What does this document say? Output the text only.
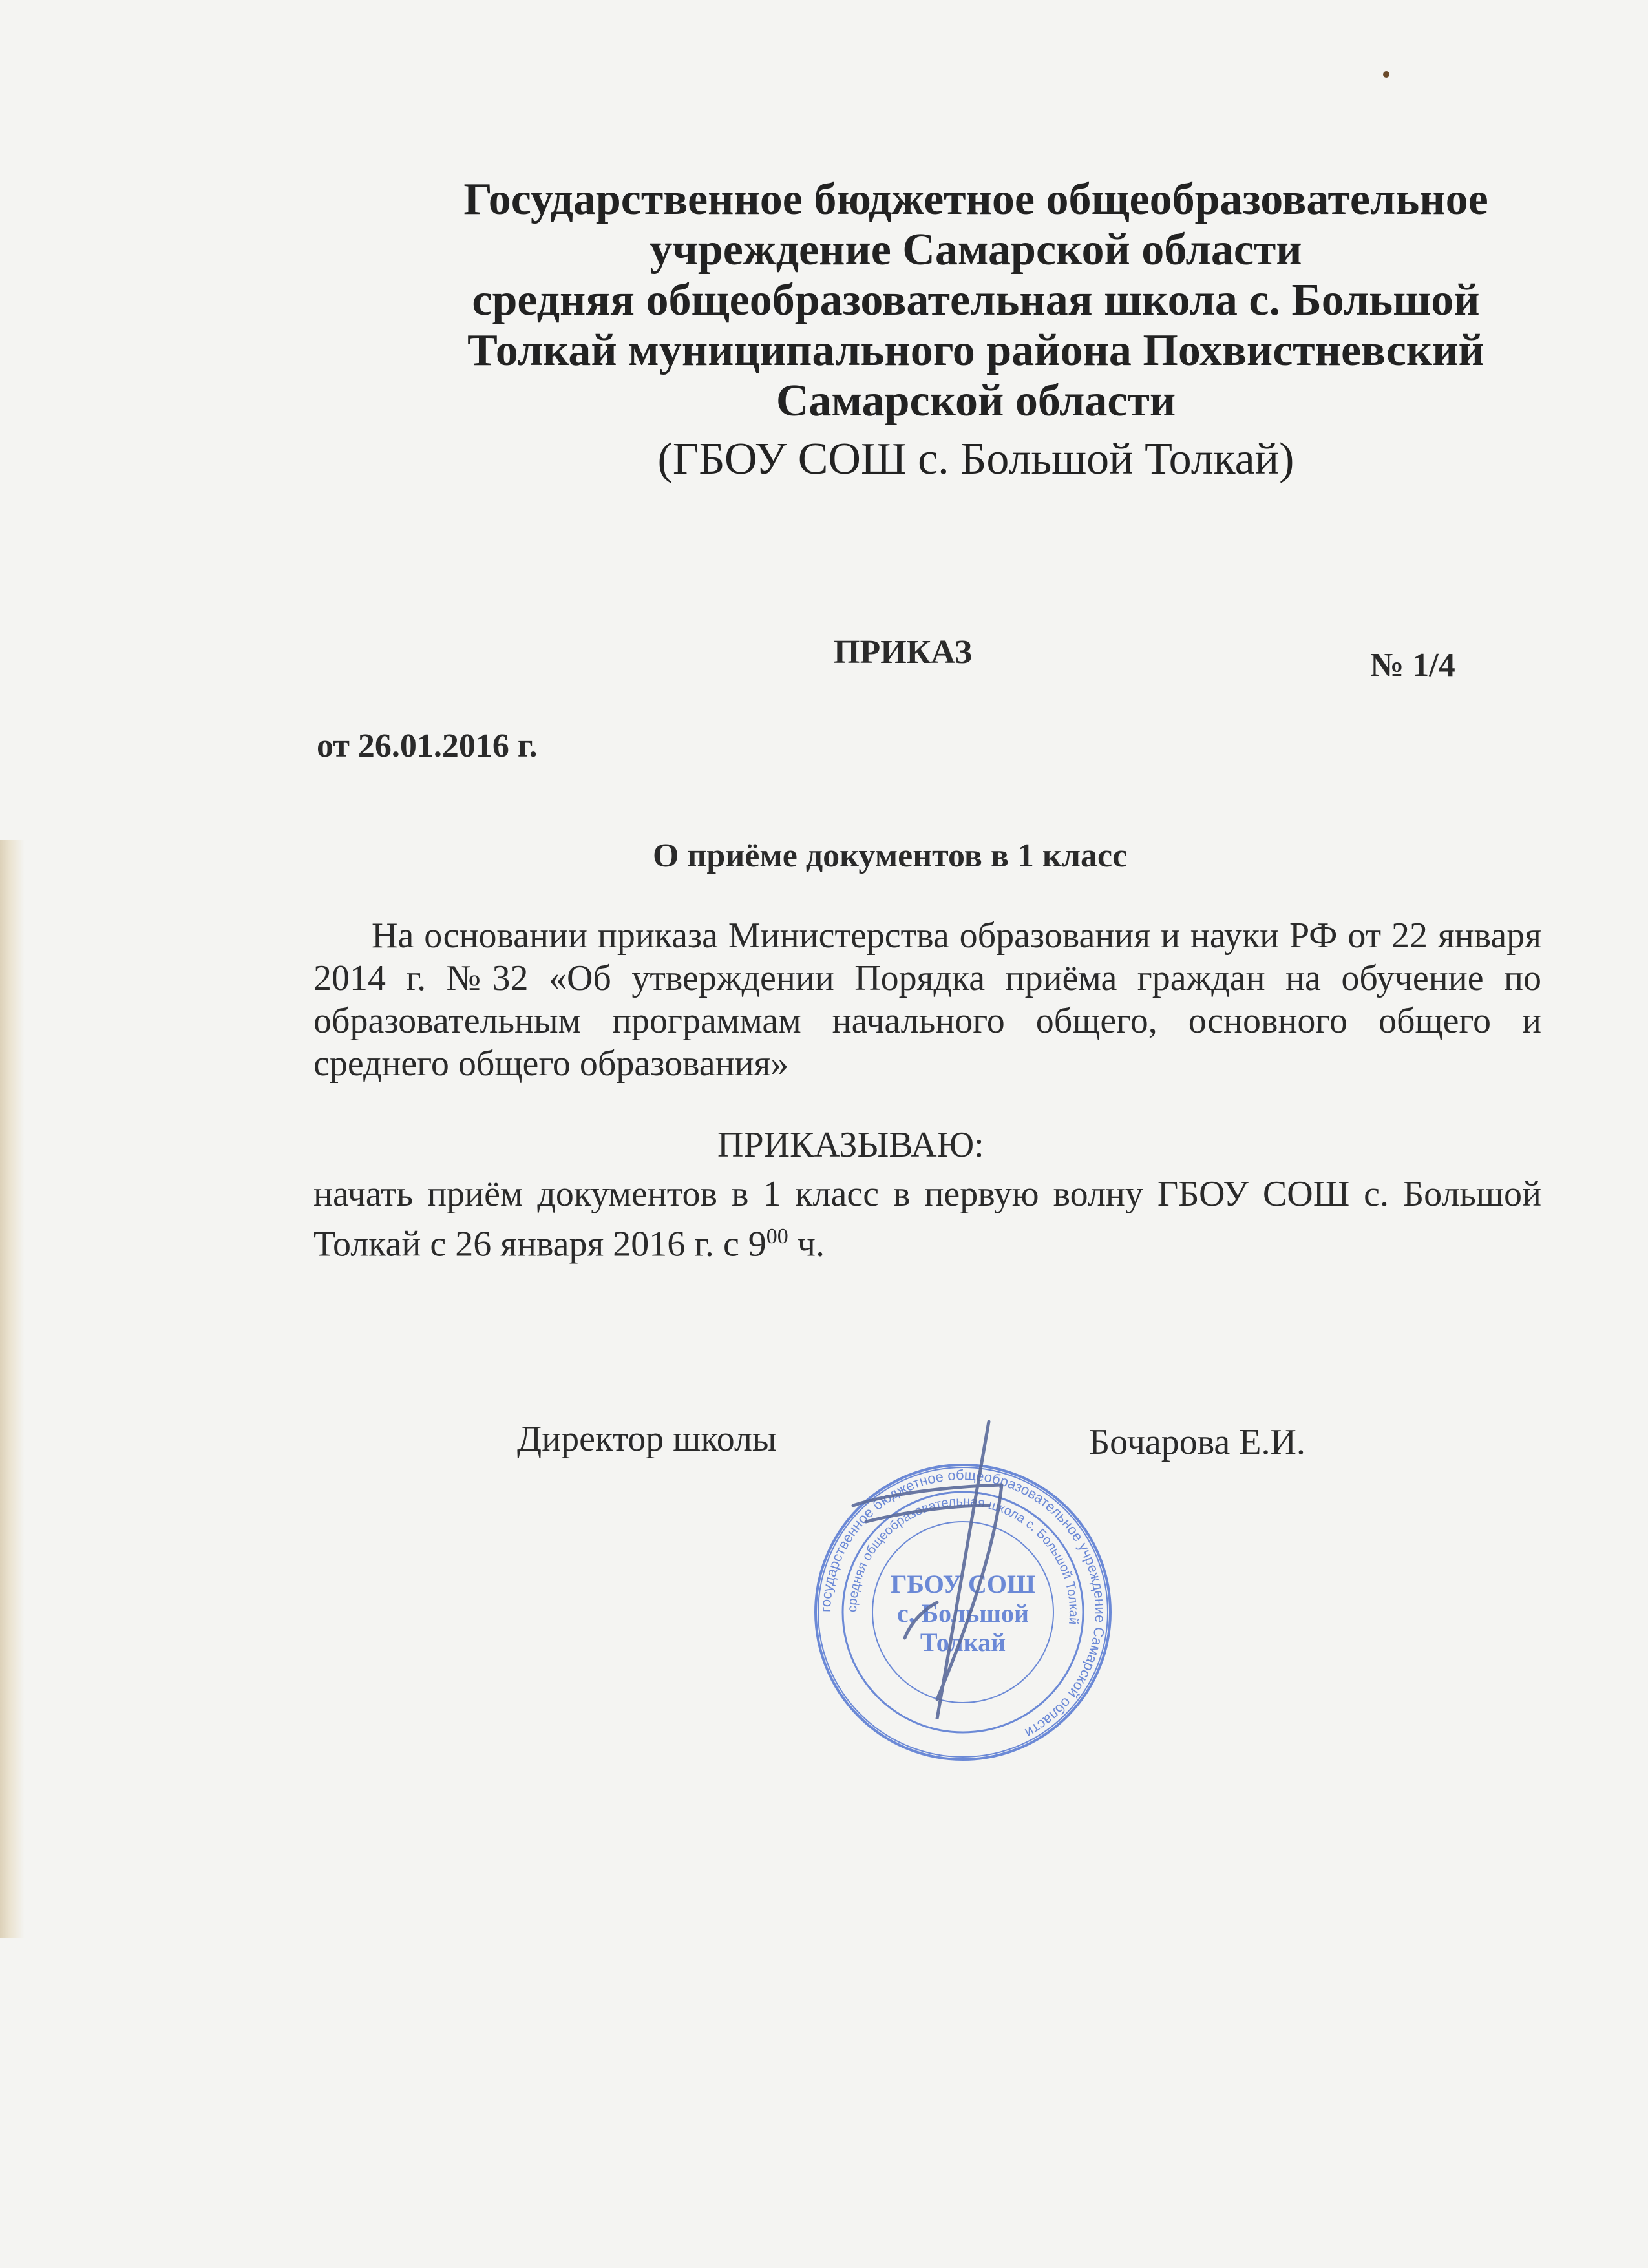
Государственное бюджетное общеобразовательное
учреждение Самарской области
средняя общеобразовательная школа с. Большой
Толкай муниципального района Похвистневский
Самарской области
(ГБОУ СОШ с. Большой Толкай)
ПРИКАЗ	№ 1/4
от 26.01.2016 г.
О приёме документов в 1 класс
На основании приказа Министерства образования и науки РФ от 22 января 2014 г. №32 «Об утверждении Порядка приёма граждан на обучение по образовательным программам начального общего, основного общего и среднего общего образования»
ПРИКАЗЫВАЮ:
начать приём документов в 1 класс в первую волну ГБОУ СОШ с. Большой Толкай с 26 января 2016 г. с $9^{00}$ ч.
Директор школы	Бочарова Е.И.
государственное бюджетное общеобразовательное учреждение Самарской области
средняя общеобразовательная школа с. Большой Толкай
ГБОУ СОШ
с. Большой
Толкай
